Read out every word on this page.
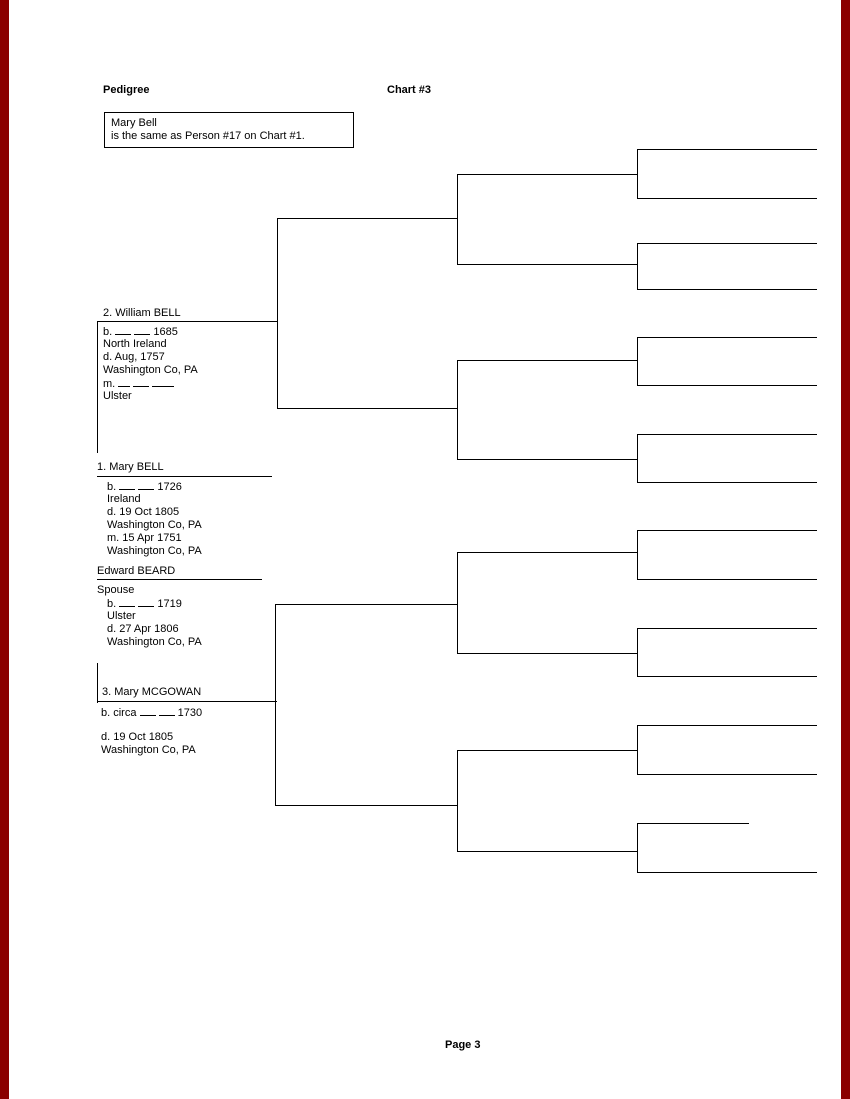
Pedigree	Chart #3
Mary Bell
is the same as Person #17 on Chart #1.
2. William BELL
b.	1685
North Ireland
d. Aug, 1757
Washington Co, PA
m.
Ulster
1. Mary BELL
b.	1726
Ireland
d. 19 Oct 1805
Washington Co, PA
m. 15 Apr 1751
Washington Co, PA
Edward BEARD
Spouse
b.	1719
Ulster
d. 27 Apr 1806
Washington Co, PA
3. Mary MCGOWAN
b. circa	1730
d. 19 Oct 1805
Washington Co, PA
Page 3
